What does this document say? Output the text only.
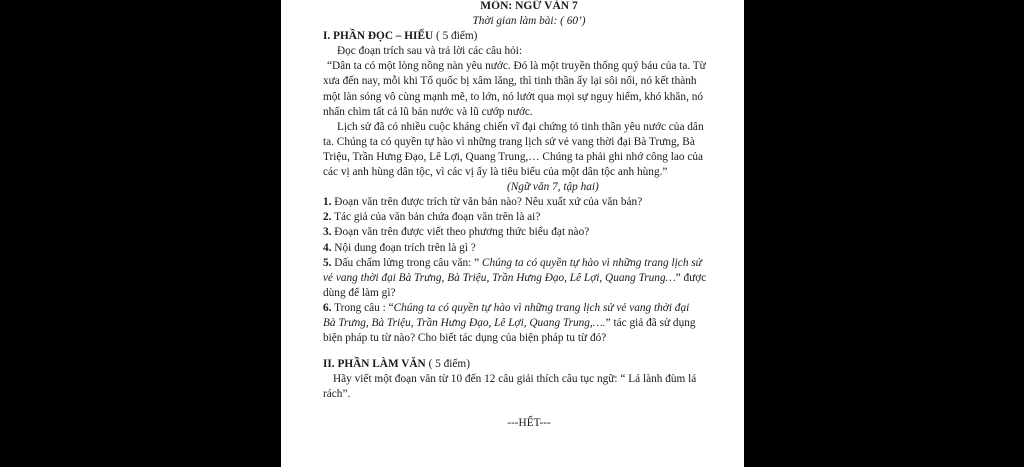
MÔN: NGỮ VĂN 7

Thời gian làm bài: ( 60’)

I. PHẦN ĐỌC – HIỂU ( 5 điểm)

Đọc đoạn trích sau và trả lời các câu hỏi:

“Dân ta có một lòng nồng nàn yêu nước. Đó là một truyền thống quý báu của ta. Từ
xưa đến nay, mỗi khi Tổ quốc bị xâm lăng, thì tinh thần ấy lại sôi nổi, nó kết thành
một làn sóng vô cùng mạnh mẽ, to lớn, nó lướt qua mọi sự nguy hiểm, khó khăn, nó
nhấn chìm tất cả lũ bán nước và lũ cướp nước.
Lịch sử đã có nhiều cuộc kháng chiến vĩ đại chứng tỏ tinh thần yêu nước của dân
ta. Chúng ta có quyền tự hào vì những trang lịch sử vẻ vang thời đại Bà Trưng, Bà
Triệu, Trần Hưng Đạo, Lê Lợi, Quang Trung,… Chúng ta phải ghi nhớ công lao của
các vị anh hùng dân tộc, vì các vị ấy là tiêu biểu của một dân tộc anh hùng.”

(Ngữ văn 7, tập hai)

1. Đoạn văn trên được trích từ văn bản nào? Nêu xuất xứ của văn bản?

2. Tác giả của văn bản chứa đoạn văn trên là ai?

3. Đoạn văn trên được viết theo phương thức biểu đạt nào?

4. Nội dung đoạn trích trên là gì ?

5. Dấu chấm lửng trong câu văn: ” Chúng ta có quyền tự hào vì những trang lịch sử
vẻ vang thời đại Bà Trưng, Bà Triệu, Trần Hưng Đạo, Lê Lợi, Quang Trung…” được
dùng để làm gì?
6. Trong câu : “Chúng ta có quyền tự hào vì những trang lịch sử vẻ vang thời đại
Bà Trưng, Bà Triệu, Trần Hưng Đạo, Lê Lợi, Quang Trung,….” tác giả đã sử dụng
biện pháp tu từ nào? Cho biết tác dụng của biện pháp tu từ đó?

II. PHẦN LÀM VĂN ( 5 điểm)

Hãy viết một đoạn văn từ 10 đến 12 câu giải thích câu tục ngữ: “ Lá lành đùm lá
rách”.

---HẾT---
